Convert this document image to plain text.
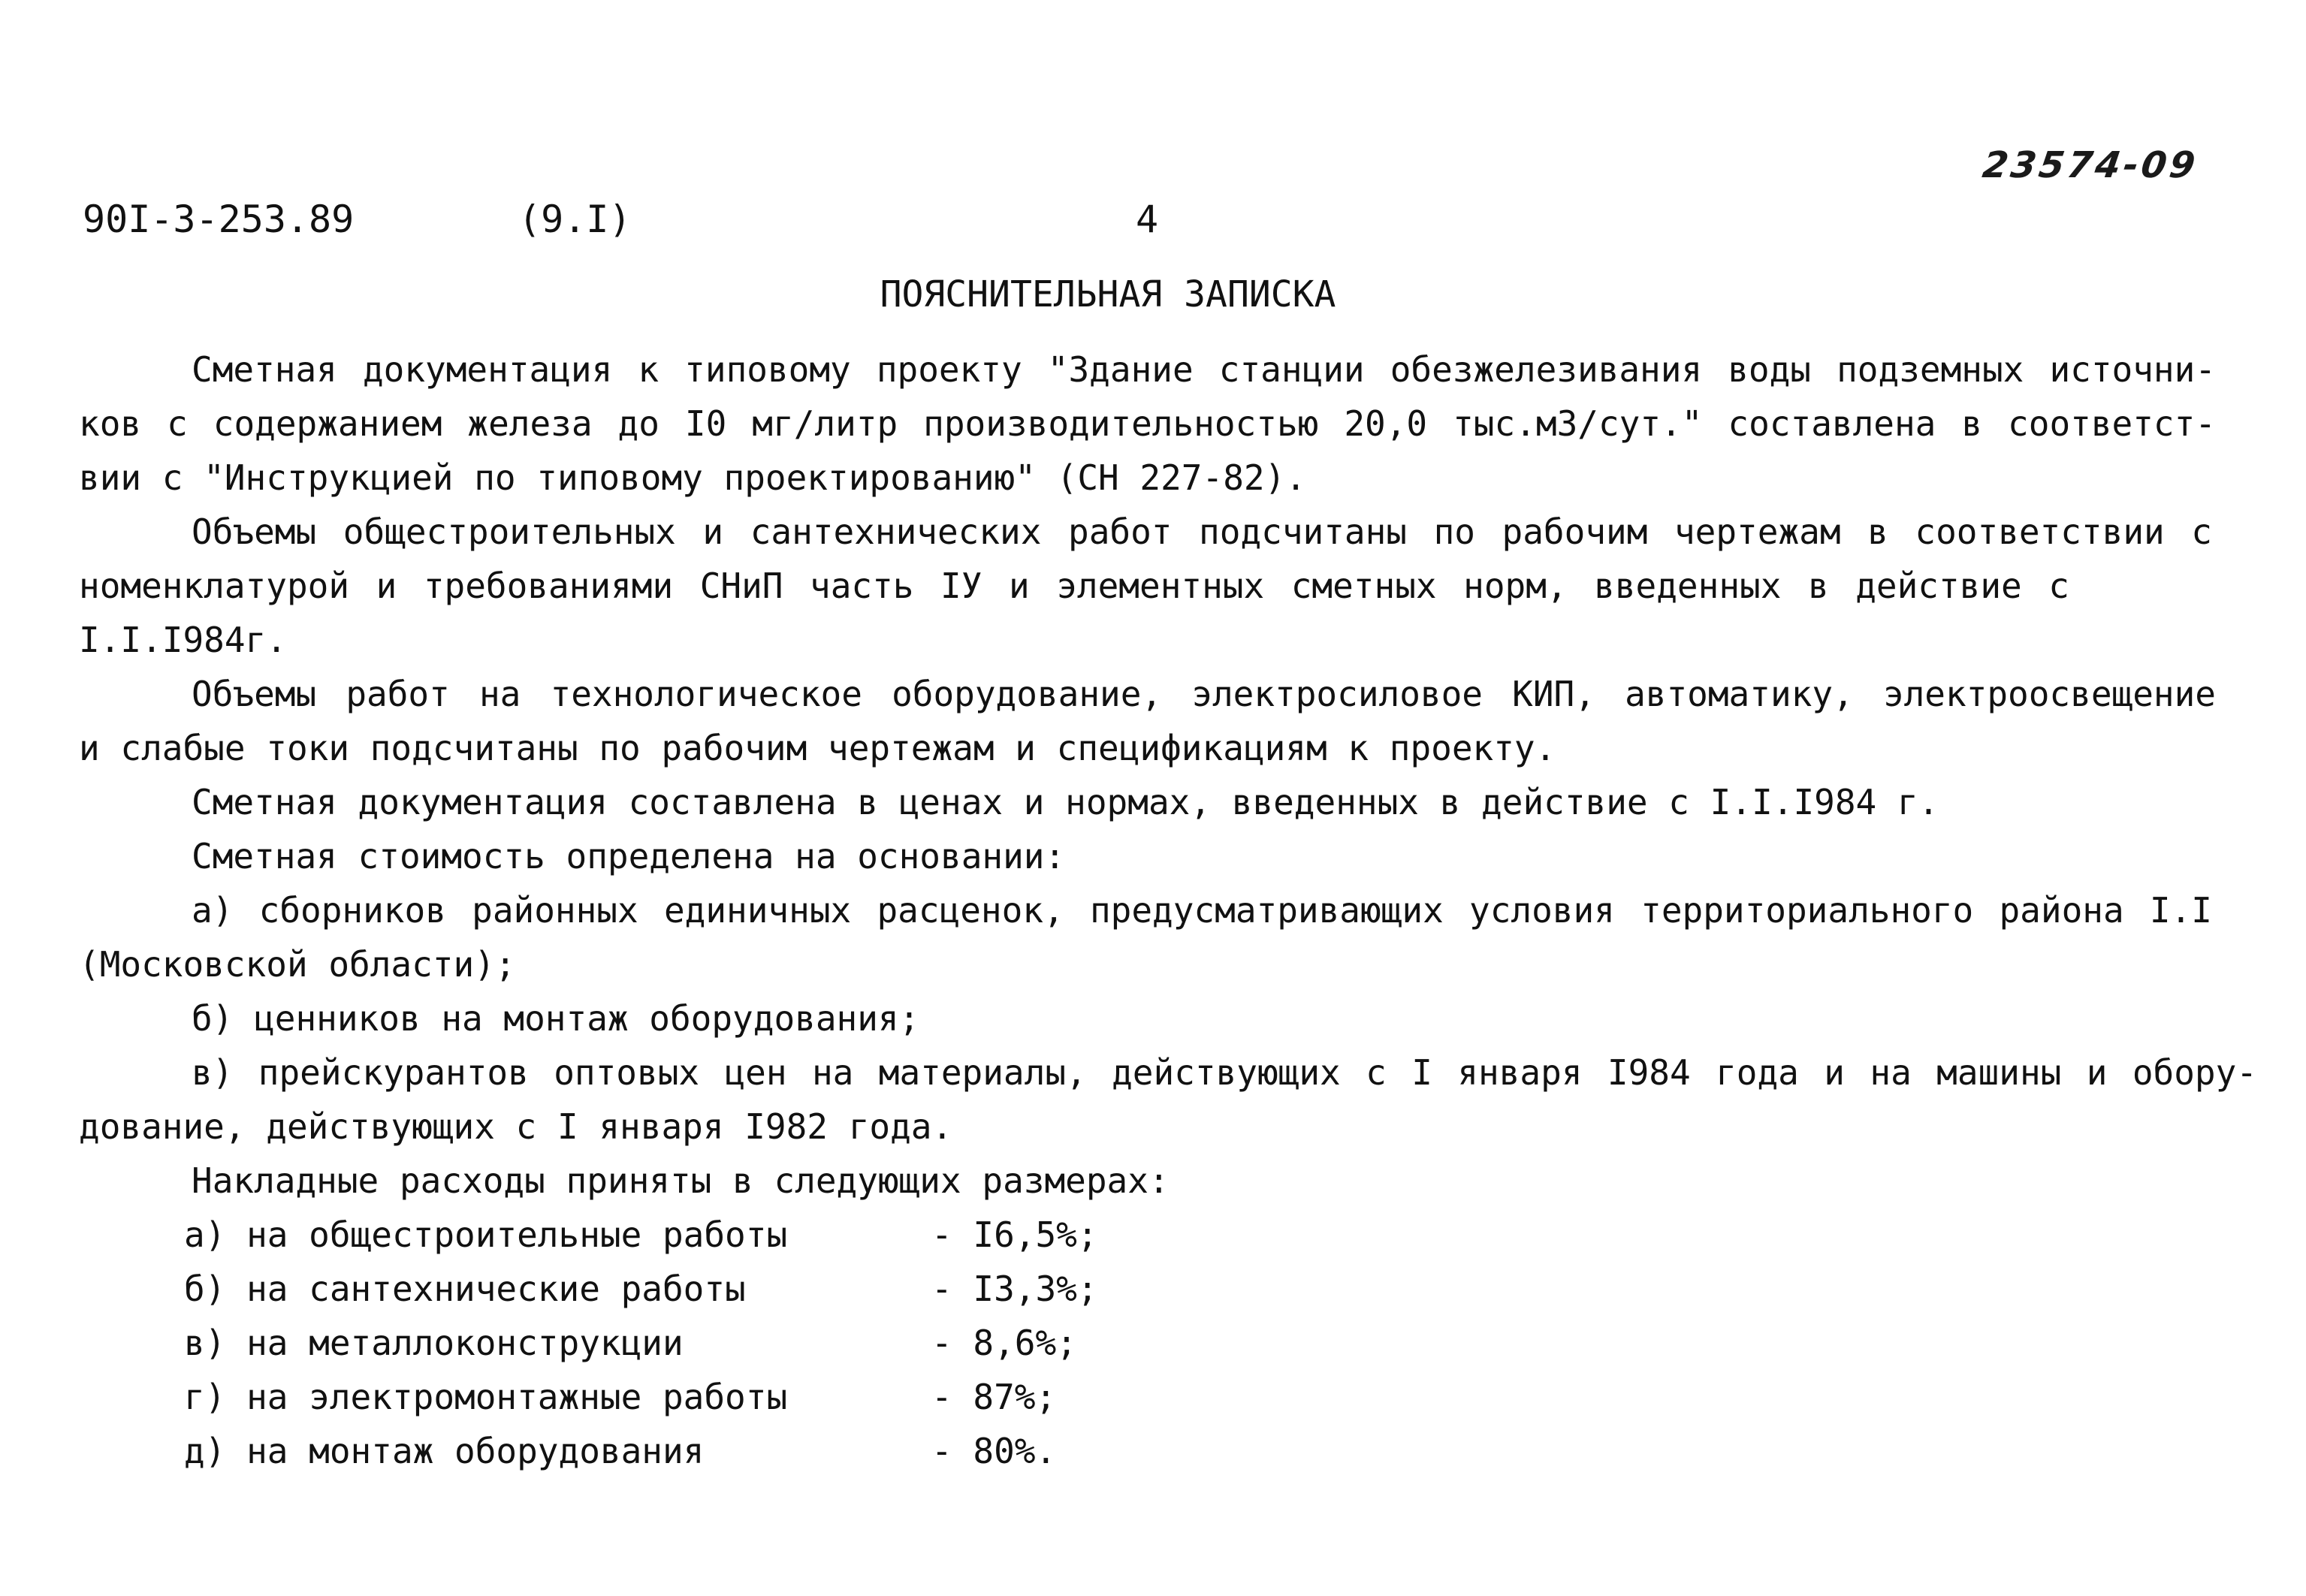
23574-09
90I-3-253.89	(9.I)	4
ПОЯСНИТЕЛЬНАЯ ЗАПИСКА
Сметная документация к типовому проекту "Здание станции обезжелезивания воды подземных источни-
ков с содержанием железа до I0 мг/литр производительностью 20,0 тыс.м3/сут." составлена в соответст-
вии с "Инструкцией по типовому проектированию" (СН 227-82).
Объемы общестроительных и сантехнических работ подсчитаны по рабочим чертежам в соответствии с
номенклатурой и требованиями СНиП часть IУ и элементных сметных норм, введенных в действие с
I.I.I984г.
Объемы работ на технологическое оборудование, электросиловое КИП, автоматику, электроосвещение
и слабые токи подсчитаны по рабочим чертежам и спецификациям к проекту.
Сметная документация составлена в ценах и нормах, введенных в действие с I.I.I984 г.
Сметная стоимость определена на основании:
а) сборников районных единичных расценок, предусматривающих условия территориального района I.I
(Московской области);
б) ценников на монтаж оборудования;
в) прейскурантов оптовых цен на материалы, действующих с I января I984 года и на машины и обору-
дование, действующих с I января I982 года.
Накладные расходы приняты в следующих размерах:
а) на общестроительные работы	- I6,5%;
б) на сантехнические работы	- I3,3%;
в) на металлоконструкции	- 8,6%;
г) на электромонтажные работы	- 87%;
д) на монтаж оборудования	- 80%.
